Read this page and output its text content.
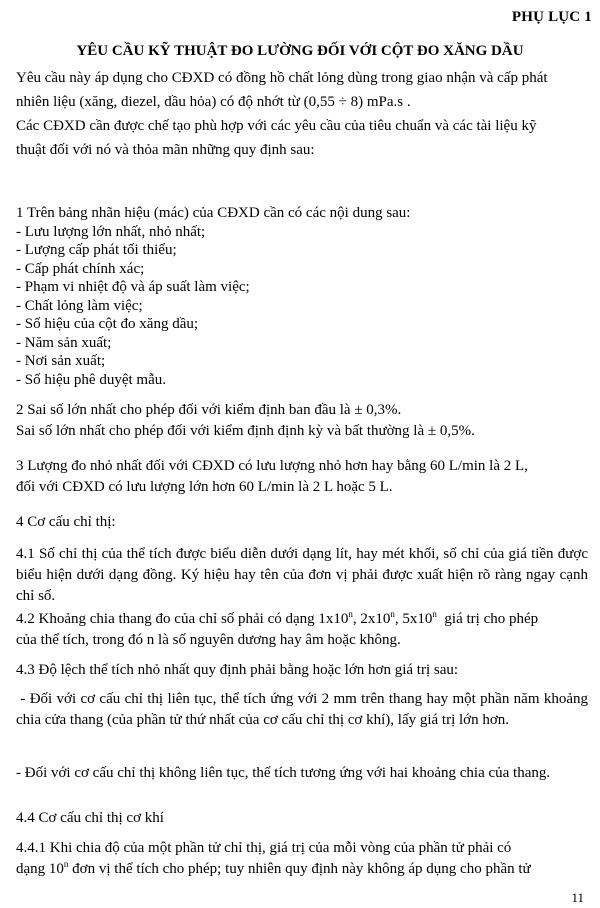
PHỤ LỤC 1
YÊU CẦU KỸ THUẬT ĐO LƯỜNG ĐỐI VỚI CỘT ĐO XĂNG DẦU

Yêu cầu này áp dụng cho CĐXD có đồng hồ chất lỏng dùng trong giao nhận và cấp phát

nhiên liệu (xăng, diezel, dầu hỏa) có độ nhớt từ (0,55 ÷ 8) mPa.s .

Các CĐXD cần được chế tạo phù hợp với các yêu cầu của tiêu chuẩn và các tài liệu kỹ

thuật đối với nó và thỏa mãn những quy định sau:

1 Trên bảng nhãn hiệu (mác) của CĐXD cần có các nội dung sau:

- Lưu lượng lớn nhất, nhỏ nhất;

- Lượng cấp phát tối thiểu;

- Cấp phát chính xác;

- Phạm vi nhiệt độ và áp suất làm việc;

- Chất lỏng làm việc;

- Số hiệu của cột đo xăng dầu;

- Năm sản xuất;

- Nơi sản xuất;

- Số hiệu phê duyệt mẫu.

2 Sai số lớn nhất cho phép đối với kiểm định ban đầu là ± 0,3%.

Sai số lớn nhất cho phép đối với kiểm định định kỳ và bất thường là ± 0,5%.

3 Lượng đo nhỏ nhất đối với CĐXD có lưu lượng nhỏ hơn hay bằng 60 L/min là 2 L,

đối với CĐXD có lưu lượng lớn hơn 60 L/min là 2 L hoặc 5 L.

4 Cơ cấu chỉ thị:

4.1 Số chỉ thị của thể tích được biểu diễn dưới dạng lít, hay mét khối, số chỉ của giá tiền được biểu hiện dưới dạng đồng. Ký hiệu hay tên của đơn vị phải được xuất hiện rõ ràng ngay cạnh chỉ số.

4.2 Khoảng chia thang đo của chỉ số phải có dạng 1x10$^n$, 2x10$^n$, 5x10$^n$  giá trị cho phép

của thể tích, trong đó n là số nguyên dương hay âm hoặc không.

4.3 Độ lệch thể tích nhỏ nhất quy định phải bằng hoặc lớn hơn giá trị sau:

- Đối với cơ cấu chỉ thị liên tục, thể tích ứng với 2 mm trên thang hay một phần năm khoảng chia cửa thang (của phần tử thứ nhất của cơ cấu chỉ thị cơ khí), lấy giá trị lớn hơn.

- Đối với cơ cấu chỉ thị không liên tục, thể tích tương ứng với hai khoảng chia của thang.

4.4 Cơ cấu chỉ thị cơ khí

4.4.1 Khi chia độ của một phần tử chỉ thị, giá trị của mỗi vòng của phần tử phải có

dạng 10$^n$ đơn vị thể tích cho phép; tuy nhiên quy định này không áp dụng cho phần tử

11
